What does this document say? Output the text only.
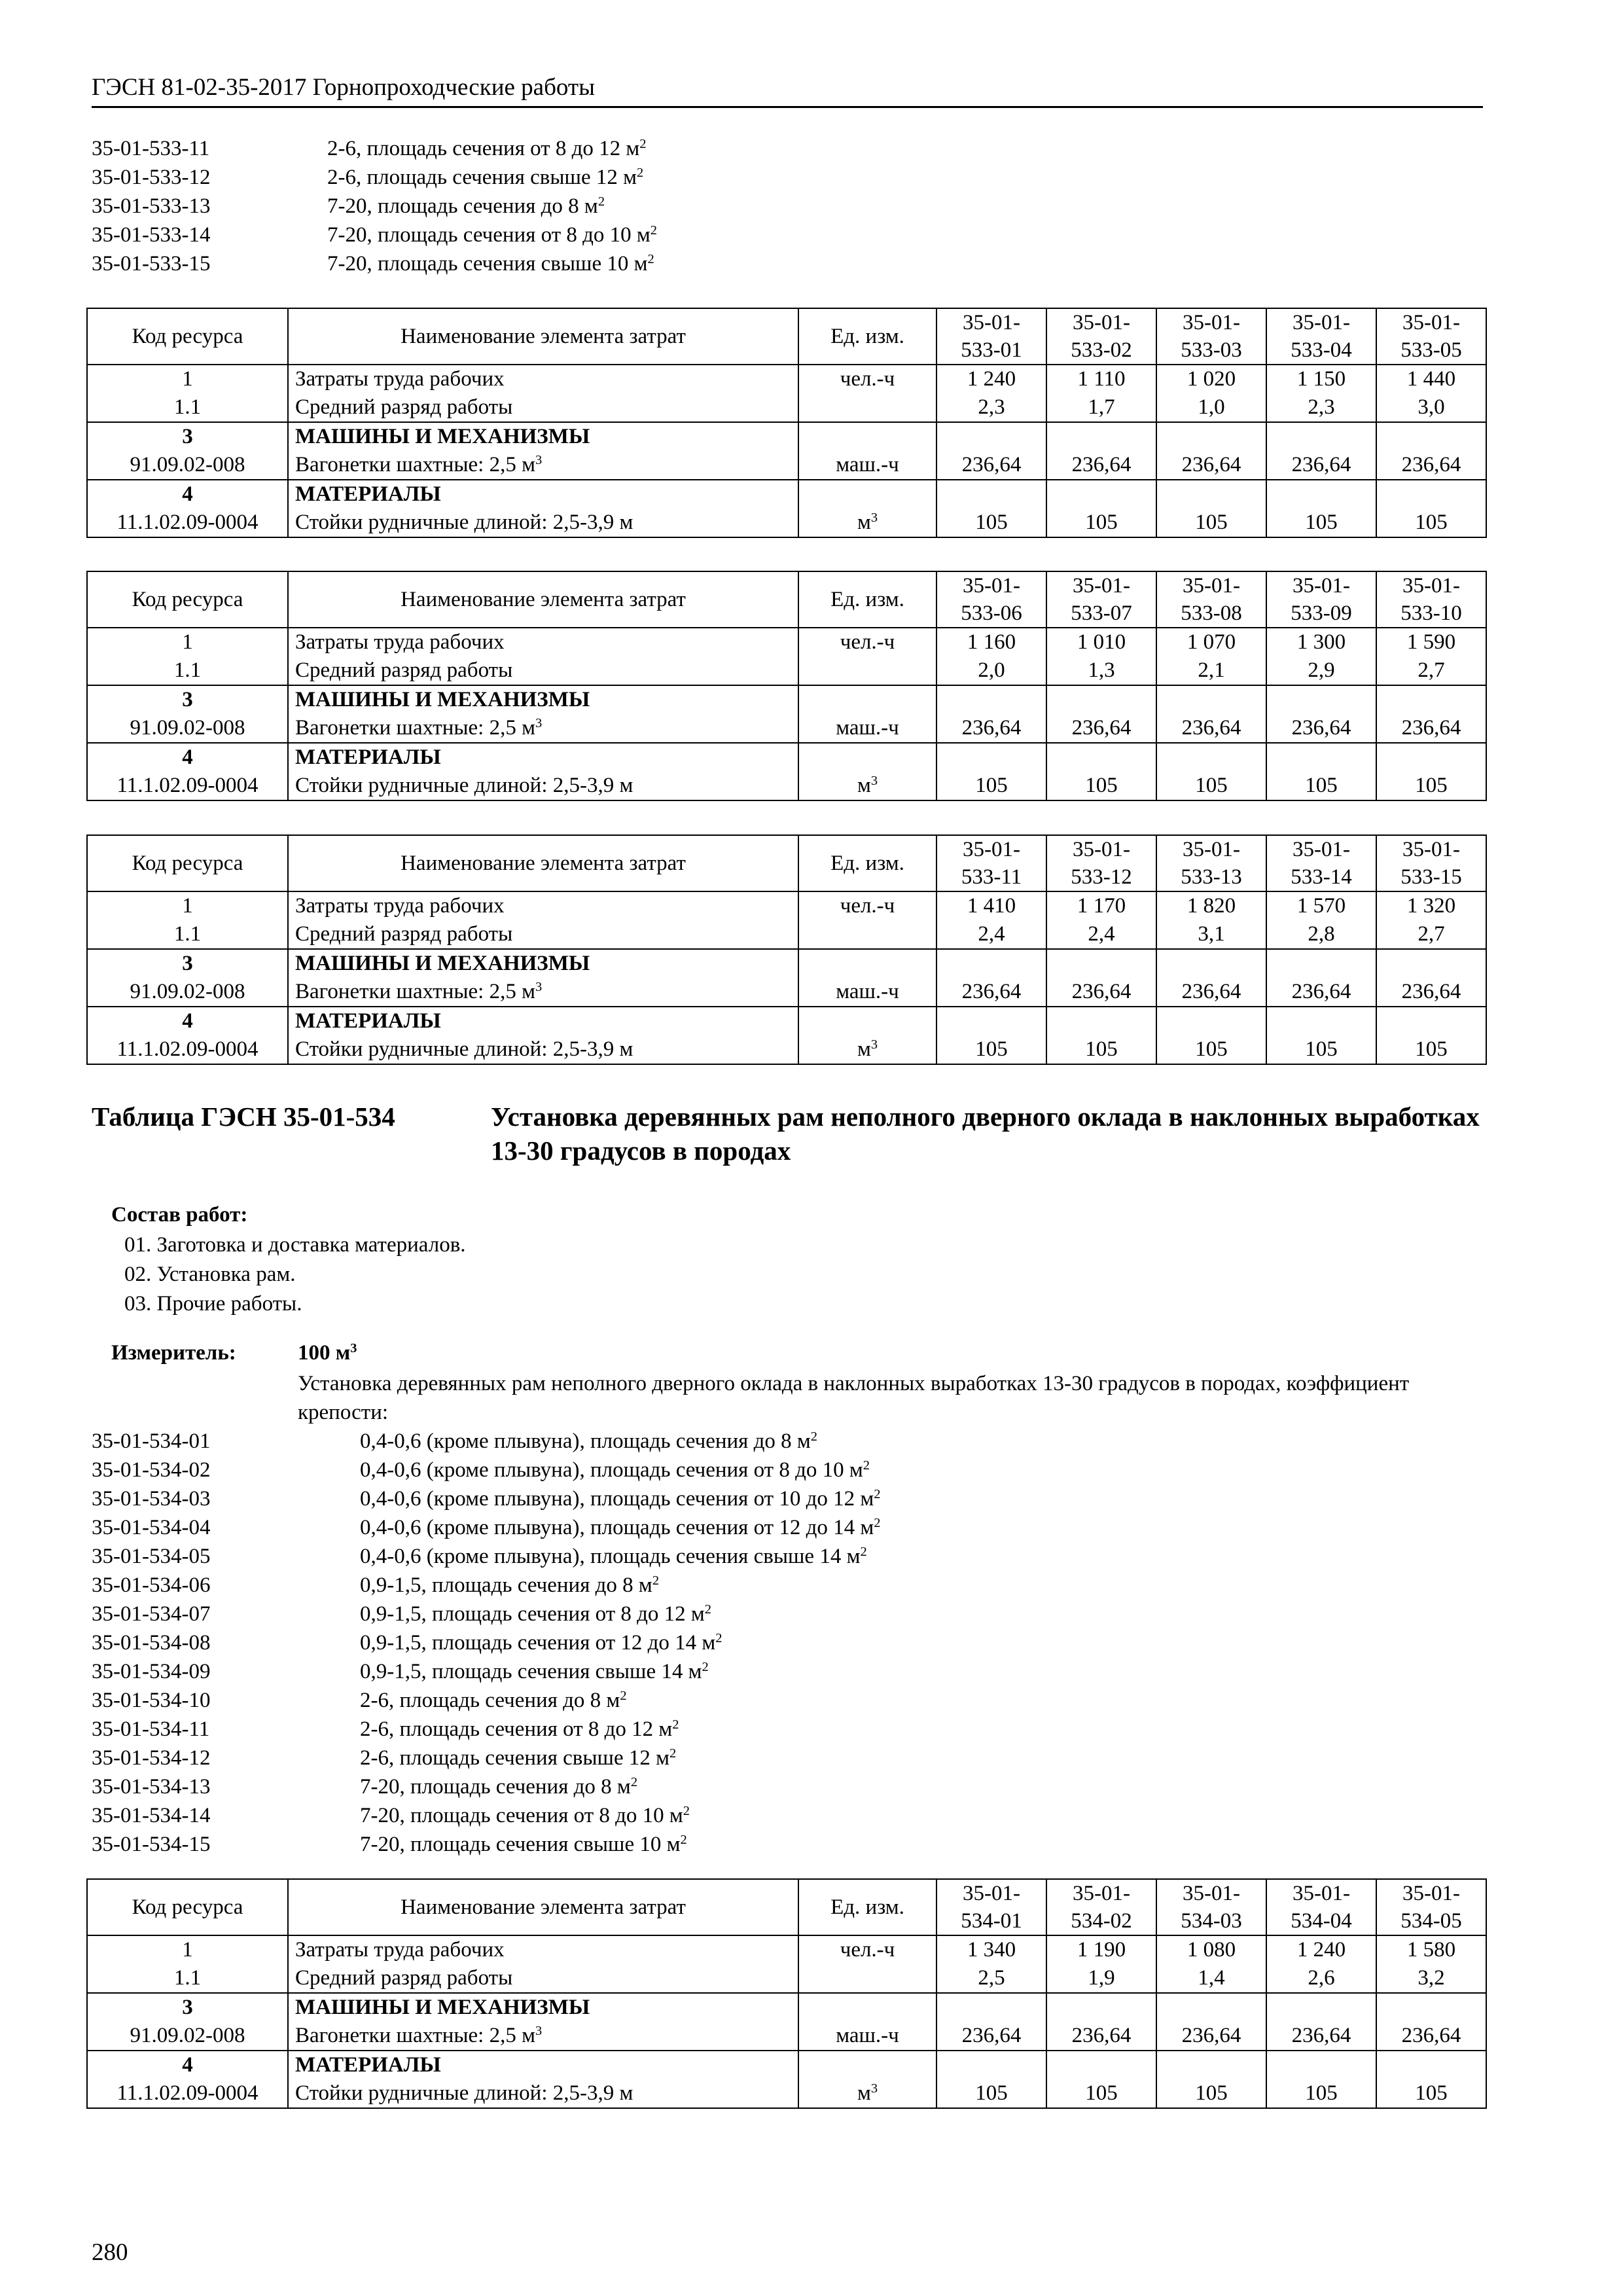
ГЭСН 81-02-35-2017 Горнопроходческие работы
35-01-533-11	2-6, площадь сечения от 8 до 12 $м^2$
35-01-533-12	2-6, площадь сечения свыше 12 $м^2$
35-01-533-13	7-20, площадь сечения до 8 $м^2$
35-01-533-14	7-20, площадь сечения от 8 до 10 $м^2$
35-01-533-15	7-20, площадь сечения свыше 10 $м^2$
Код ресурса	Наименование элемента затрат	Ед. изм.	35-01-533-01	35-01-533-02	35-01-533-03	35-01-533-04	35-01-533-05
1	Затраты труда рабочих	чел.-ч	1 240	1 110	1 020	1 150	1 440
1.1	Средний разряд работы		2,3	1,7	1,0	2,3	3,0
3	МАШИНЫ И МЕХАНИЗМЫ						
91.09.02-008	Вагонетки шахтные: 2,5 $м^3$	маш.-ч	236,64	236,64	236,64	236,64	236,64
4	МАТЕРИАЛЫ						
11.1.02.09-0004	Стойки рудничные длиной: 2,5-3,9 м	$м^3$	105	105	105	105	105
Код ресурса	Наименование элемента затрат	Ед. изм.	35-01-533-06	35-01-533-07	35-01-533-08	35-01-533-09	35-01-533-10
1	Затраты труда рабочих	чел.-ч	1 160	1 010	1 070	1 300	1 590
1.1	Средний разряд работы		2,0	1,3	2,1	2,9	2,7
3	МАШИНЫ И МЕХАНИЗМЫ						
91.09.02-008	Вагонетки шахтные: 2,5 $м^3$	маш.-ч	236,64	236,64	236,64	236,64	236,64
4	МАТЕРИАЛЫ						
11.1.02.09-0004	Стойки рудничные длиной: 2,5-3,9 м	$м^3$	105	105	105	105	105
Код ресурса	Наименование элемента затрат	Ед. изм.	35-01-533-11	35-01-533-12	35-01-533-13	35-01-533-14	35-01-533-15
1	Затраты труда рабочих	чел.-ч	1 410	1 170	1 820	1 570	1 320
1.1	Средний разряд работы		2,4	2,4	3,1	2,8	2,7
3	МАШИНЫ И МЕХАНИЗМЫ						
91.09.02-008	Вагонетки шахтные: 2,5 $м^3$	маш.-ч	236,64	236,64	236,64	236,64	236,64
4	МАТЕРИАЛЫ						
11.1.02.09-0004	Стойки рудничные длиной: 2,5-3,9 м	$м^3$	105	105	105	105	105
Таблица ГЭСН 35-01-534	Установка деревянных рам неполного дверного оклада в наклонных выработках 13-30 градусов в породах
Состав работ:
01. Заготовка и доставка материалов.
02. Установка рам.
03. Прочие работы.
Измеритель:	100 $м^3$
Установка деревянных рам неполного дверного оклада в наклонных выработках 13-30 градусов в породах, коэффициент крепости:
35-01-534-01	0,4-0,6 (кроме плывуна), площадь сечения до 8 $м^2$
35-01-534-02	0,4-0,6 (кроме плывуна), площадь сечения от 8 до 10 $м^2$
35-01-534-03	0,4-0,6 (кроме плывуна), площадь сечения от 10 до 12 $м^2$
35-01-534-04	0,4-0,6 (кроме плывуна), площадь сечения от 12 до 14 $м^2$
35-01-534-05	0,4-0,6 (кроме плывуна), площадь сечения свыше 14 $м^2$
35-01-534-06	0,9-1,5, площадь сечения до 8 $м^2$
35-01-534-07	0,9-1,5, площадь сечения от 8 до 12 $м^2$
35-01-534-08	0,9-1,5, площадь сечения от 12 до 14 $м^2$
35-01-534-09	0,9-1,5, площадь сечения свыше 14 $м^2$
35-01-534-10	2-6, площадь сечения до 8 $м^2$
35-01-534-11	2-6, площадь сечения от 8 до 12 $м^2$
35-01-534-12	2-6, площадь сечения свыше 12 $м^2$
35-01-534-13	7-20, площадь сечения до 8 $м^2$
35-01-534-14	7-20, площадь сечения от 8 до 10 $м^2$
35-01-534-15	7-20, площадь сечения свыше 10 $м^2$
Код ресурса	Наименование элемента затрат	Ед. изм.	35-01-534-01	35-01-534-02	35-01-534-03	35-01-534-04	35-01-534-05
1	Затраты труда рабочих	чел.-ч	1 340	1 190	1 080	1 240	1 580
1.1	Средний разряд работы		2,5	1,9	1,4	2,6	3,2
3	МАШИНЫ И МЕХАНИЗМЫ						
91.09.02-008	Вагонетки шахтные: 2,5 $м^3$	маш.-ч	236,64	236,64	236,64	236,64	236,64
4	МАТЕРИАЛЫ						
11.1.02.09-0004	Стойки рудничные длиной: 2,5-3,9 м	$м^3$	105	105	105	105	105
280
